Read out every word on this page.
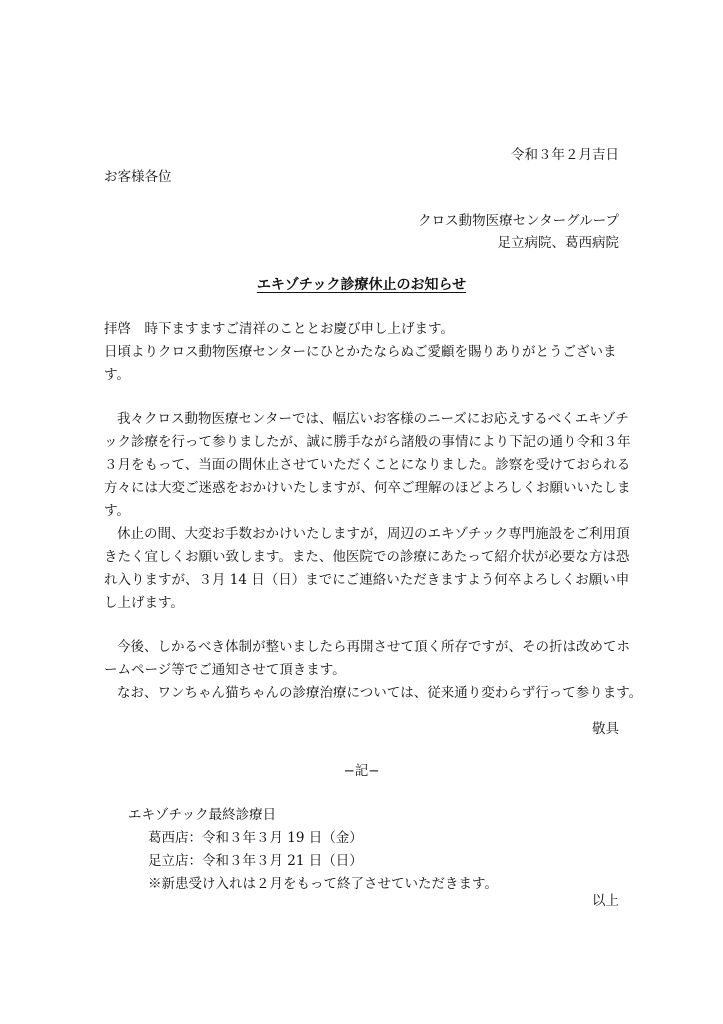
令和３年２月吉日
お客様各位
クロス動物医療センターグループ
足立病院、葛西病院
エキゾチック診療休止のお知らせ
拝啓　時下ますますご清祥のこととお慶び申し上げます。
日頃よりクロス動物医療センターにひとかたならぬご愛顧を賜りありがとうございま
す。
我々クロス動物医療センターでは、幅広いお客様のニーズにお応えするべくエキゾチ
ック診療を行って参りましたが、誠に勝手ながら諸般の事情により下記の通り令和３年
３月をもって、当面の間休止させていただくことになりました。診察を受けておられる
方々には大変ご迷惑をおかけいたしますが、何卒ご理解のほどよろしくお願いいたしま
す。
休止の間、大変お手数おかけいたしますが，周辺のエキゾチック専門施設をご利用頂
きたく宜しくお願い致します。また、他医院での診療にあたって紹介状が必要な方は恐
れ入りますが、３月 14 日（日）までにご連絡いただきますよう何卒よろしくお願い申
し上げます。
今後、しかるべき体制が整いましたら再開させて頂く所存ですが、その折は改めてホ
ームページ等でご通知させて頂きます。
なお、ワンちゃん猫ちゃんの診療治療については、従来通り変わらず行って参ります。
敬具
−記−
エキゾチック最終診療日
葛西店：令和３年３月 19 日（金）
足立店：令和３年３月 21 日（日）
※新患受け入れは２月をもって終了させていただきます。
以上
